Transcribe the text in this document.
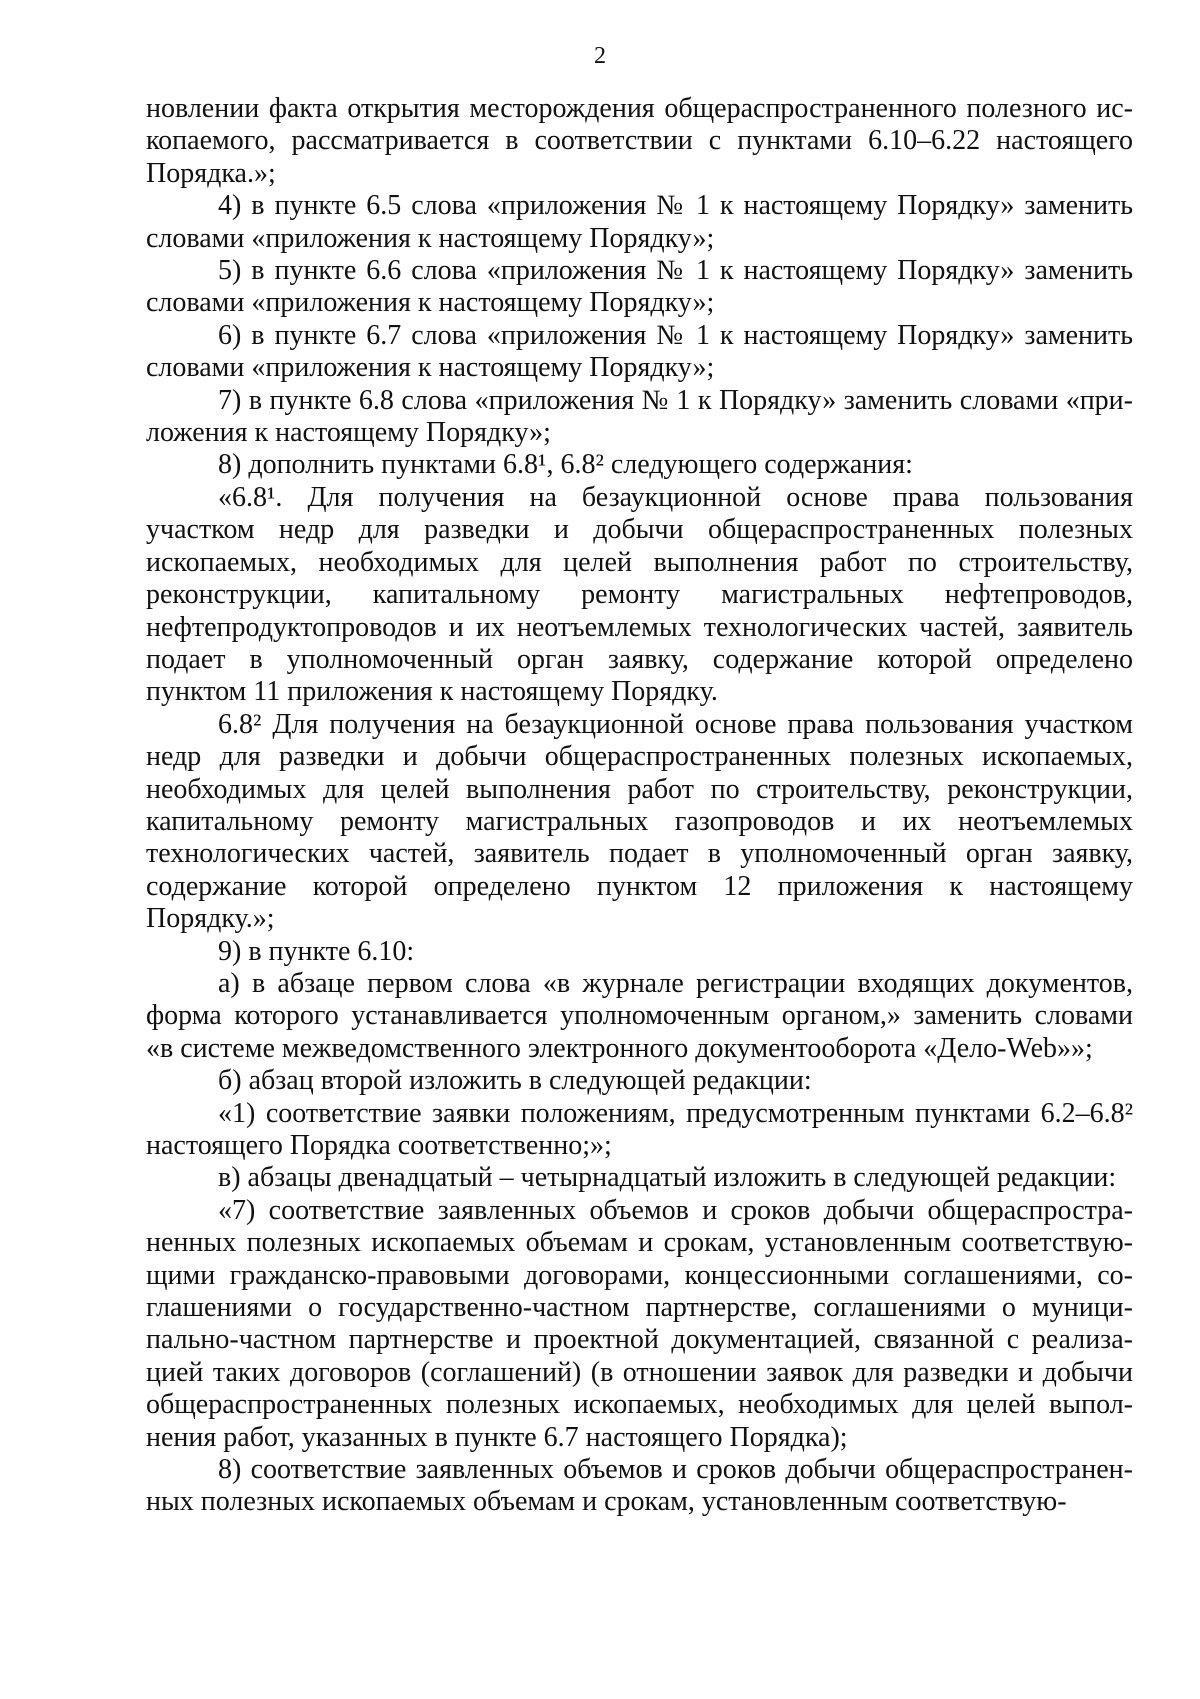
2

новлении факта открытия месторождения общераспространенного полезного ис-

копаемого, рассматривается в соответствии с пунктами 6.10–6.22 настоящего

Порядка.»;

4) в пункте 6.5 слова «приложения № 1 к настоящему Порядку» заменить

словами «приложения к настоящему Порядку»;

5) в пункте 6.6 слова «приложения № 1 к настоящему Порядку» заменить

словами «приложения к настоящему Порядку»;

6) в пункте 6.7 слова «приложения № 1 к настоящему Порядку» заменить

словами «приложения к настоящему Порядку»;

7) в пункте 6.8 слова «приложения № 1 к Порядку» заменить словами «при-

ложения к настоящему Порядку»;

8) дополнить пунктами 6.8¹, 6.8² следующего содержания:

«6.8¹. Для получения на безаукционной основе права пользования

участком недр для разведки и добычи общераспространенных полезных

ископаемых, необходимых для целей выполнения работ по строительству,

реконструкции, капитальному ремонту магистральных нефтепроводов,

нефтепродуктопроводов и их неотъемлемых технологических частей, заявитель

подает в уполномоченный орган заявку, содержание которой определено

пунктом 11 приложения к настоящему Порядку.

6.8² Для получения на безаукционной основе права пользования участком

недр для разведки и добычи общераспространенных полезных ископаемых,

необходимых для целей выполнения работ по строительству, реконструкции,

капитальному ремонту магистральных газопроводов и их неотъемлемых

технологических частей, заявитель подает в уполномоченный орган заявку,

содержание которой определено пунктом 12 приложения к настоящему

Порядку.»;

9) в пункте 6.10:

а) в абзаце первом слова «в журнале регистрации входящих документов,

форма которого устанавливается уполномоченным органом,» заменить словами

«в системе межведомственного электронного документооборота «Дело-Web»»;

б) абзац второй изложить в следующей редакции:

«1) соответствие заявки положениям, предусмотренным пунктами 6.2–6.8²

настоящего Порядка соответственно;»;

в) абзацы двенадцатый – четырнадцатый изложить в следующей редакции:

«7) соответствие заявленных объемов и сроков добычи общераспростра-

ненных полезных ископаемых объемам и срокам, установленным соответствую-

щими гражданско-правовыми договорами, концессионными соглашениями, со-

глашениями о государственно-частном партнерстве, соглашениями о муници-

пально-частном партнерстве и проектной документацией, связанной с реализа-

цией таких договоров (соглашений) (в отношении заявок для разведки и добычи

общераспространенных полезных ископаемых, необходимых для целей выпол-

нения работ, указанных в пункте 6.7 настоящего Порядка);

8) соответствие заявленных объемов и сроков добычи общераспространен-

ных полезных ископаемых объемам и срокам, установленным соответствую-
